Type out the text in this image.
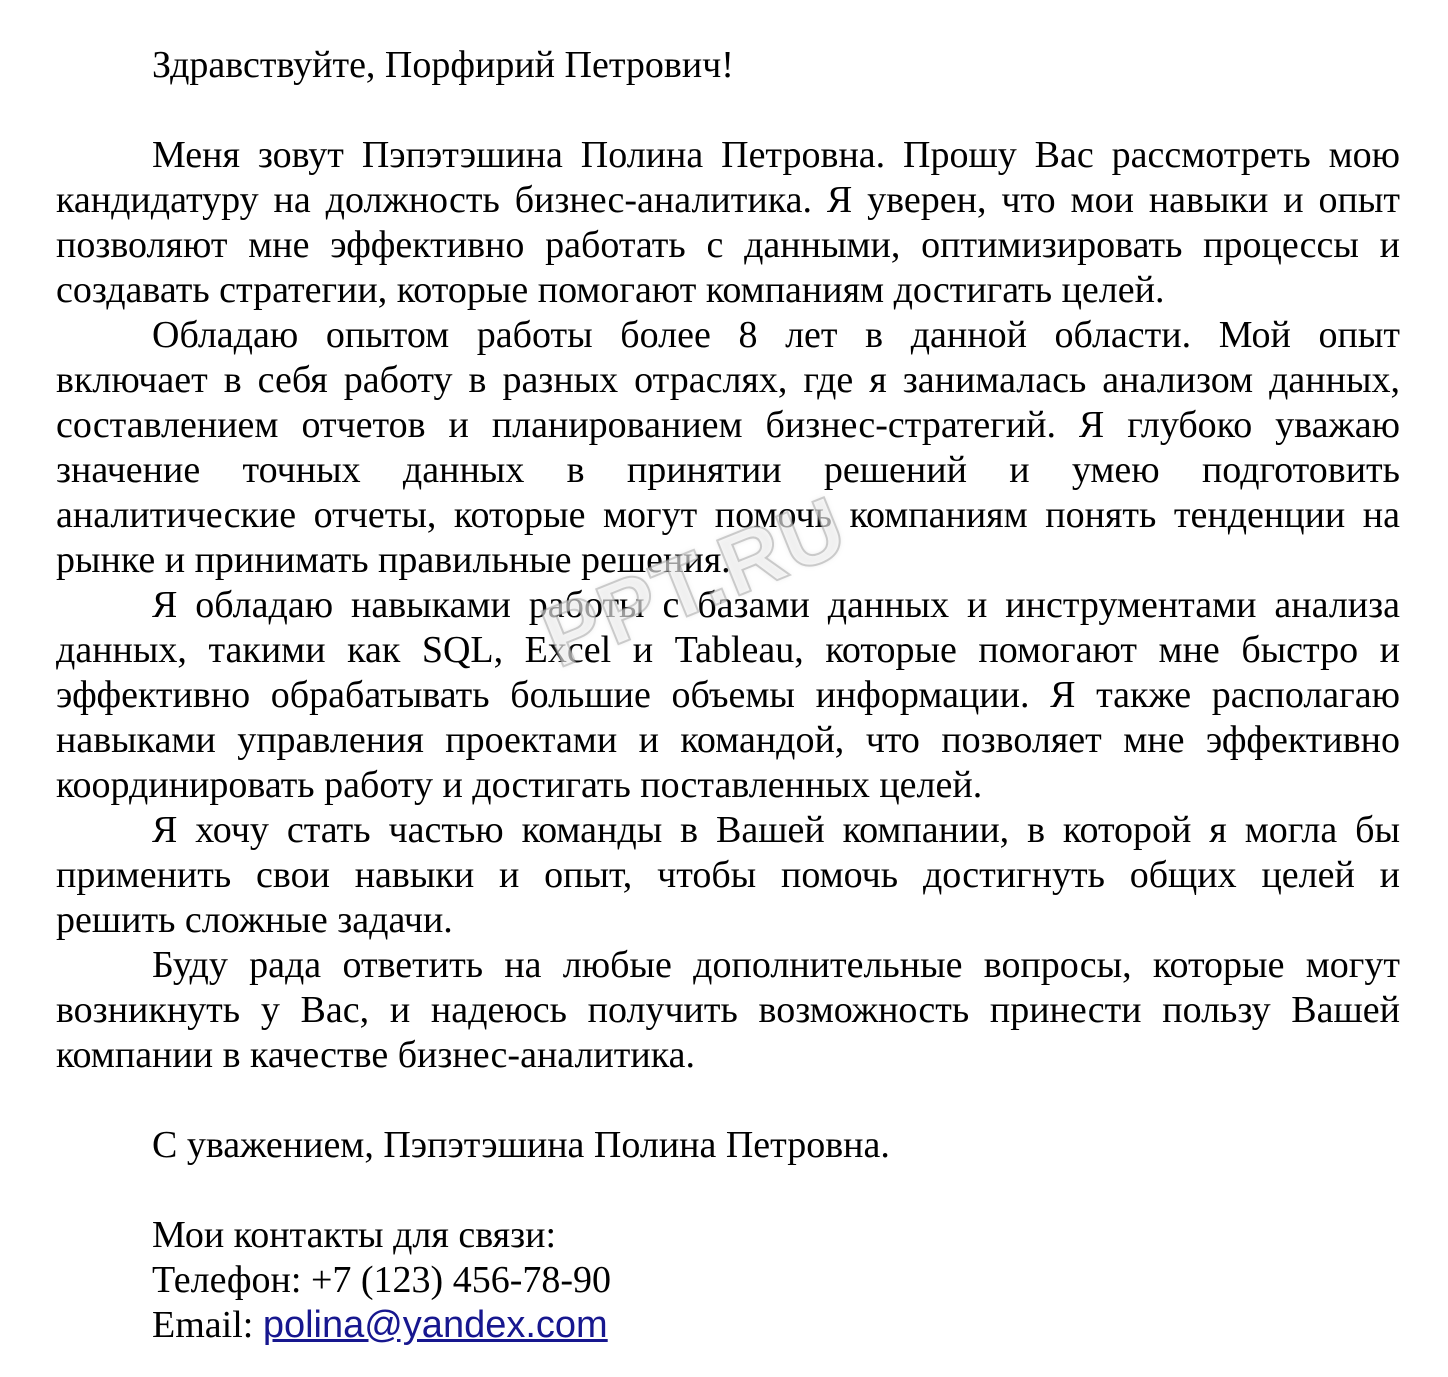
PPT.RU
Здравствуйте, Порфирий Петрович!
Меня зовут Пэпэтэшина Полина Петровна. Прошу Вас рассмотреть мою
кандидатуру на должность бизнес-аналитика. Я уверен, что мои навыки и опыт
позволяют мне эффективно работать с данными, оптимизировать процессы и
создавать стратегии, которые помогают компаниям достигать целей.
Обладаю опытом работы более 8 лет в данной области. Мой опыт
включает в себя работу в разных отраслях, где я занималась анализом данных,
составлением отчетов и планированием бизнес-стратегий. Я глубоко уважаю
значение точных данных в принятии решений и умею подготовить
аналитические отчеты, которые могут помочь компаниям понять тенденции на
рынке и принимать правильные решения.
Я обладаю навыками работы с базами данных и инструментами анализа
данных, такими как SQL, Excel и Tableau, которые помогают мне быстро и
эффективно обрабатывать большие объемы информации. Я также располагаю
навыками управления проектами и командой, что позволяет мне эффективно
координировать работу и достигать поставленных целей.
Я хочу стать частью команды в Вашей компании, в которой я могла бы
применить свои навыки и опыт, чтобы помочь достигнуть общих целей и
решить сложные задачи.
Буду рада ответить на любые дополнительные вопросы, которые могут
возникнуть у Вас, и надеюсь получить возможность принести пользу Вашей
компании в качестве бизнес-аналитика.
С уважением, Пэпэтэшина Полина Петровна.
Мои контакты для связи:
Телефон: +7 (123) 456-78-90
Email: polina@yandex.com
